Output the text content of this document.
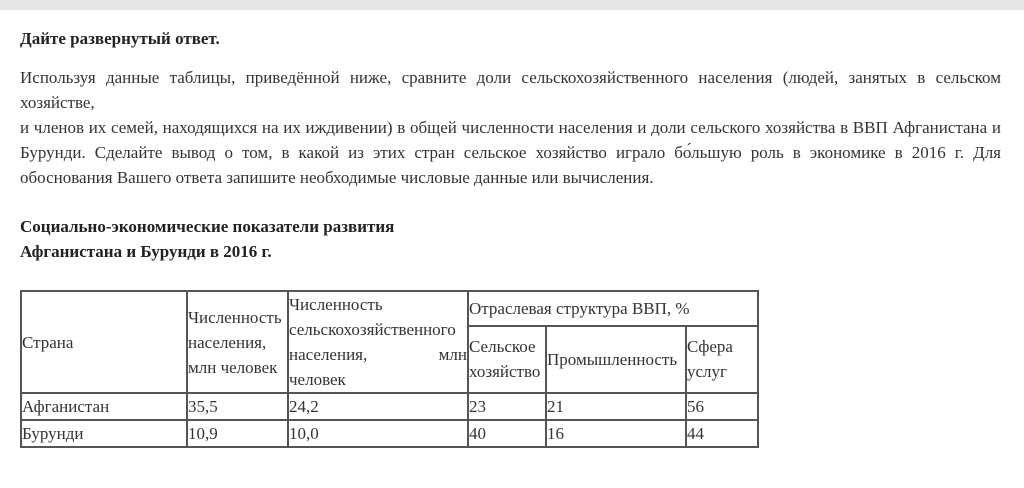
Дайте развернутый ответ.

Используя данные таблицы, приведённой ниже, сравните доли сельскохозяйственного населения (людей, занятых в сельском хозяйстве,
и членов их семей, находящихся на их иждивении) в общей численности населения и доли сельского хозяйства в ВВП Афганистана и Бурунди. Сделайте вывод о том, в какой из этих стран сельское хозяйство играло бо́льшую роль в экономике в 2016 г. Для обоснования Вашего ответа запишите необходимые числовые данные или вычисления.

Социально-экономические показатели развития
Афганистана и Бурунди в 2016 г.

Страна	Численность населения, млн человек	Численность
сельскохозяйственного
населения, млн
человек	Отраслевая структура ВВП, %		
			Сельское хозяйство	Промышленность	Сфера услуг
Афганистан	35,5	24,2	23	21	56
Бурунди	10,9	10,0	40	16	44
